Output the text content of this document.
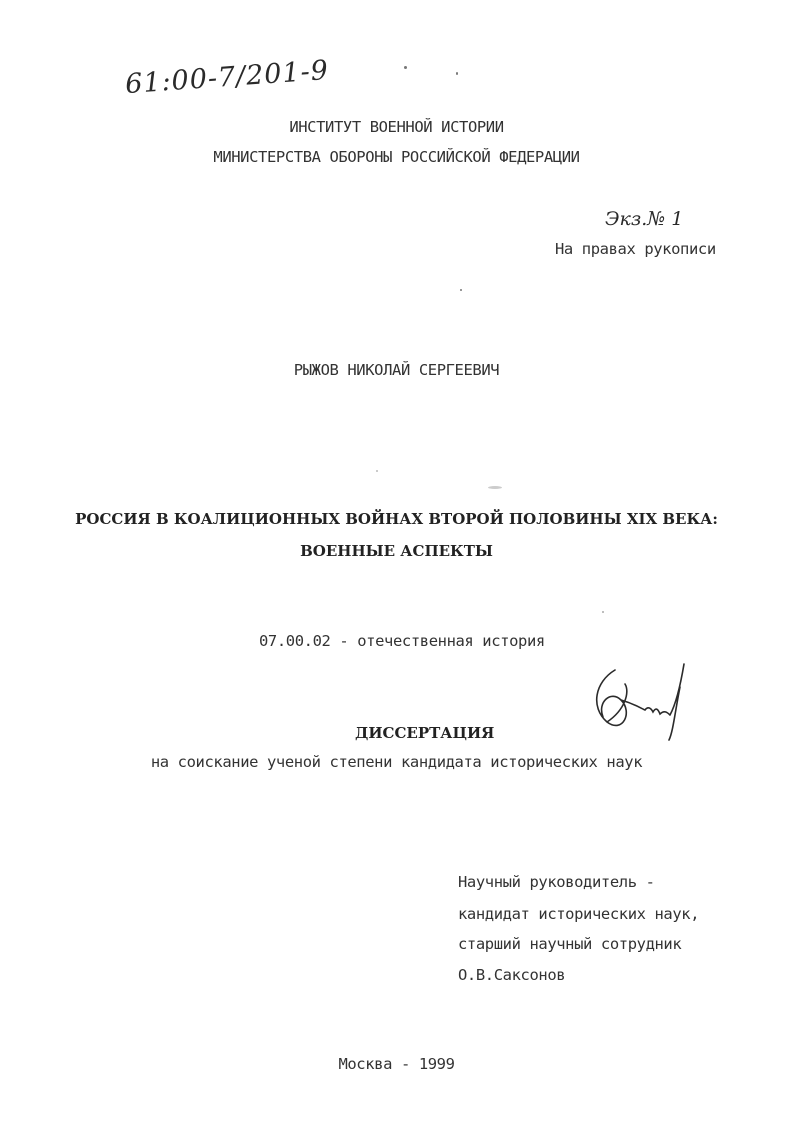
61:00-7/201-9
ИНСТИТУТ ВОЕННОЙ ИСТОРИИ
МИНИСТЕРСТВА ОБОРОНЫ РОССИЙСКОЙ ФЕДЕРАЦИИ
Экз.№ 1
На правах рукописи
РЫЖОВ НИКОЛАЙ СЕРГЕЕВИЧ
РОССИЯ В КОАЛИЦИОННЫХ ВОЙНАХ ВТОРОЙ ПОЛОВИНЫ XIX ВЕКА:
ВОЕННЫЕ АСПЕКТЫ
07.00.02 - отечественная история
ДИССЕРТАЦИЯ
на соискание ученой степени кандидата исторических наук
Научный руководитель -
кандидат исторических наук,
старший научный сотрудник
О.В.Саксонов
Москва - 1999
